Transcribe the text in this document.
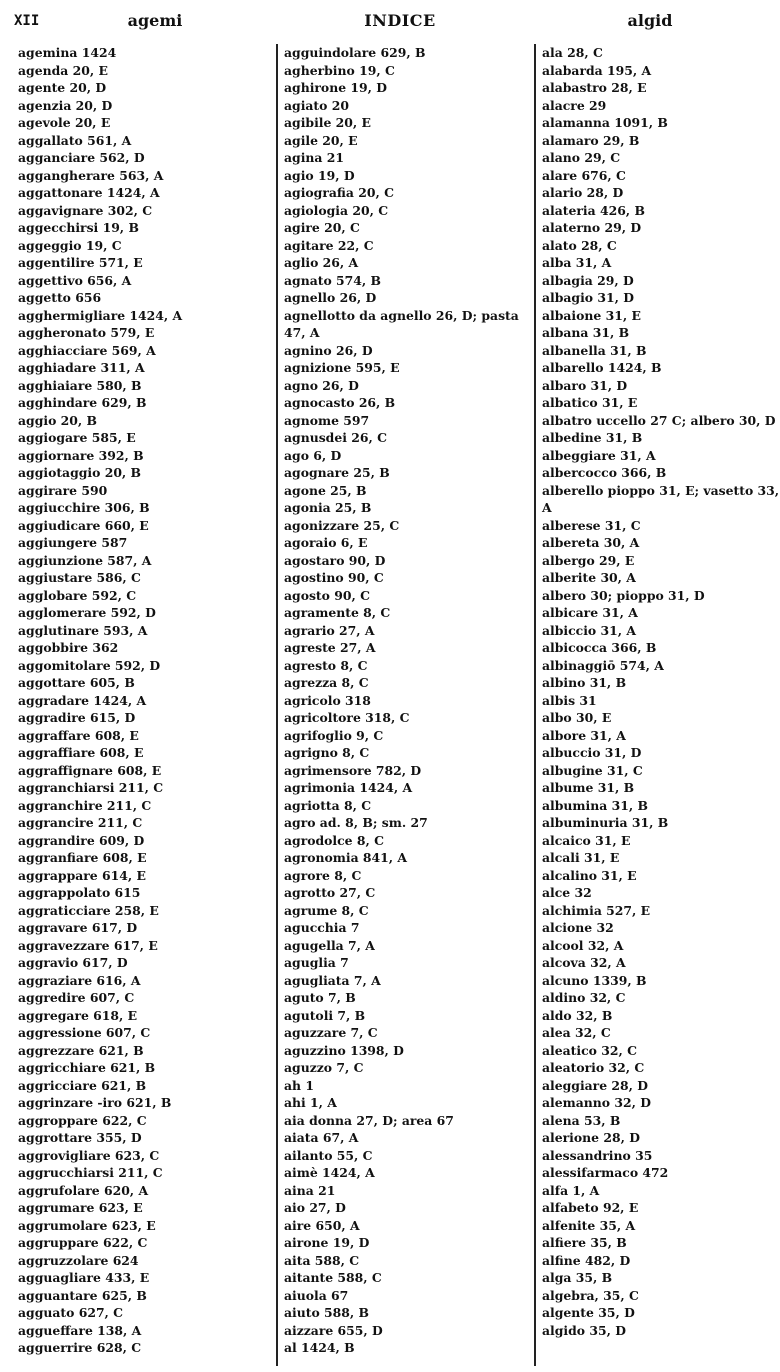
XII	agemi	INDICE	algid
agemina 1424
agenda 20, E
agente 20, D
agenzia 20, D
agevole 20, E
aggallato 561, A
agganciare 562, D
agganghera​re 563, A
aggattonare 1424, A
aggavignare 302, C
aggecchirsi 19, B
aggeggio 19, C
aggentilire 571, E
aggettivo 656, A
aggetto 656
agghermigliare 1424, A
aggheronato 579, E
agghiacciare 569, A
agghiadare 311, A
agghiaiare 580, B
agghindare 629, B
aggio 20, B
aggiogare 585, E
aggiornare 392, B
aggiotaggio 20, B
aggirare 590
aggiucchire 306, B
aggiudicare 660, E
aggiungere 587
aggiunzione 587, A
aggiustare 586, C
agglobare 592, C
agglomerare 592, D
agglutinare 593, A
aggobbire 362
aggomitolare 592, D
aggottare 605, B
aggradare 1424, A
aggradire 615, D
aggraffare 608, E
aggraffiare 608, E
aggraffignare 608, E
aggranchiarsi 211, C
aggranchire 211, C
aggrancire 211, C
aggrandire 609, D
aggranfiare 608, E
aggrappare 614, E
aggrappolato 615
aggraticciare 258, E
aggravare 617, D
aggravezzare 617, E
aggravio 617, D
aggraziare 616, A
aggredire 607, C
aggregare 618, E
aggressione 607, C
aggrezzare 621, B
aggricchiare 621, B
aggricciare 621, B
aggrinzare -iro 621, B
aggroppare 622, C
aggrottare 355, D
aggrovigliare 623, C
aggrucchiarsi 211, C
aggrufolare 620, A
aggrumare 623, E
aggrumolare 623, E
aggruppare 622, C
aggruzzolare 624
agguagliare 433, E
agguantare 625, B
agguato 627, C
aggueffare 138, A
agguerrire 628, C
agguindolare 629, B
agherbino 19, C
aghirone 19, D
agiato 20
agibile 20, E
agile 20, E
agina 21
agio 19, D
agiografia 20, C
agiologia 20, C
agire 20, C
agitare 22, C
aglio 26, A
agnato 574, B
agnello 26, D
agnellotto da agnello 26, D; pasta 47, A
agnino 26, D
agnizione 595, E
agno 26, D
agnocasto 26, B
agnome 597
agnusdei 26, C
ago 6, D
agognare 25, B
agone 25, B
agonia 25, B
agonizzare 25, C
agoraio 6, E
agostaro 90, D
agostino 90, C
agosto 90, C
agramente 8, C
agrario 27, A
agreste 27, A
agresto 8, C
agrezza 8, C
agricolo 318
agricoltore 318, C
agrifoglio 9, C
agrigno 8, C
agrimensore 782, D
agrimonia 1424, A
agriotta 8, C
agro ad. 8, B; sm. 27
agrodolce 8, C
agronomia 841, A
agrore 8, C
agrotto 27, C
agrume 8, C
agucchia 7
agugella 7, A
aguglia 7
agugliata 7, A
aguto 7, B
agutoli 7, B
aguzzare 7, C
aguzzino 1398, D
aguzzo 7, C
ah 1
ahi 1, A
aia donna 27, D; area 67
aiata 67, A
ailanto 55, C
aimè 1424, A
aina 21
aio 27, D
aire 650, A
airone 19, D
aita 588, C
aitante 588, C
aiuola 67
aiuto 588, B
aizzare 655, D
al 1424, B
ala 28, C
alabarda 195, A
alabastro 28, E
alacre 29
alamanna 1091, B
alamaro 29, B
alano 29, C
alare 676, C
alario 28, D
alateria 426, B
alaterno 29, D
alato 28, C
alba 31, A
albagia 29, D
albagio 31, D
albaione 31, E
albana 31, B
albanella 31, B
albarello 1424, B
albaro 31, D
albatico 31, E
albatro uccello 27 C; albero 30, D
albedine 31, B
albeggiare 31, A
albercocco 366, B
alberello pioppo 31, E; vasetto 33, A
alberese 31, C
albereta 30, A
albergo 29, E
alberite 30, A
albero 30; pioppo 31, D
albicare 31, A
albiccio 31, A
albicocca 366, B
albinaggiō 574, A
albino 31, B
albis 31
albo 30, E
albore 31, A
albuccio 31, D
albugine 31, C
albume 31, B
albumina 31, B
albuminuria 31, B
alcaico 31, E
alcali 31, E
alcalino 31, E
alce 32
alchimia 527, E
alcione 32
alcool 32, A
alcova 32, A
alcuno 1339, B
aldino 32, C
aldo 32, B
alea 32, C
aleatico 32, C
aleatorio 32, C
aleggiare 28, D
alemanno 32, D
alena 53, B
alerione 28, D
alessandrino 35
alessifarmaco 472
alfa 1, A
alfabeto 92, E
alfenite 35, A
alfiere 35, B
alfine 482, D
alga 35, B
algebra, 35, C
algente 35, D
algido 35, D
